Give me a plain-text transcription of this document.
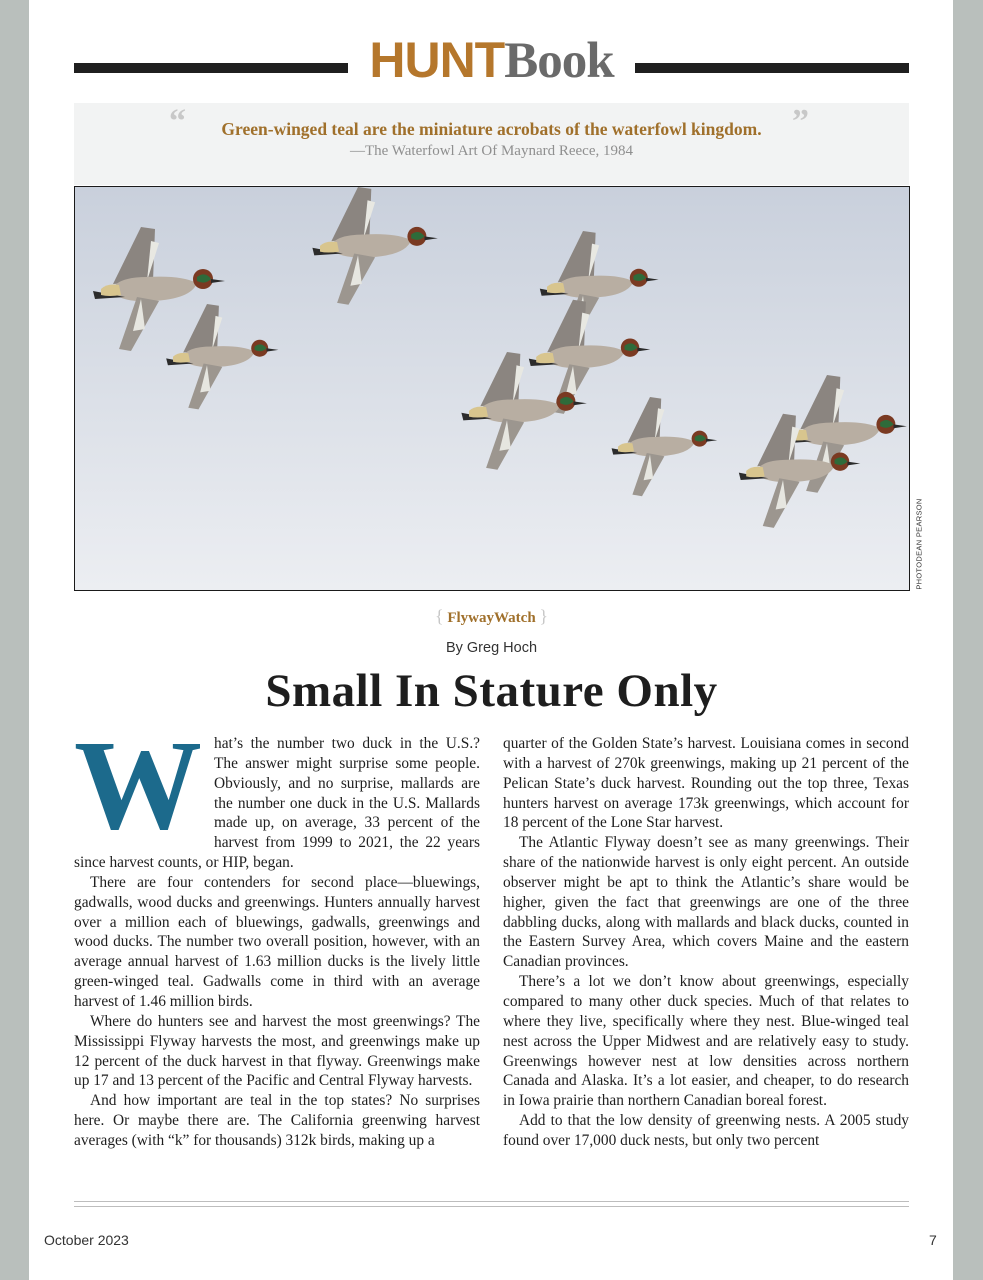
HUNTBook
“	Green-winged teal are the miniature acrobats of the waterfowl kingdom. ”
—The Waterfowl Art Of Maynard Reece, 1984
PHOTODEAN PEARSON
{ FlywayWatch }
By Greg Hoch
Small In Stature Only

What’s the number two duck in the U.S.? The answer might surprise some people. Obviously, and no surprise, mallards are the number one duck in the U.S. Mallards made up, on average, 33 percent of the harvest from 1999 to 2021, the 22 years since harvest counts, or HIP, began.

There are four contenders for second place—bluewings, gadwalls, wood ducks and greenwings. Hunters annually harvest over a million each of bluewings, gadwalls, greenwings and wood ducks. The number two overall position, however, with an average annual harvest of 1.63 million ducks is the lively little green-winged teal. Gadwalls come in third with an average harvest of 1.46 million birds.

Where do hunters see and harvest the most greenwings? The Mississippi Flyway harvests the most, and greenwings make up 12 percent of the duck harvest in that flyway. Greenwings make up 17 and 13 percent of the Pacific and Central Flyway harvests.

And how important are teal in the top states? No surprises here. Or maybe there are. The California greenwing harvest averages (with “k” for thousands) 312k birds, making up a

quarter of the Golden State’s harvest. Louisiana comes in second with a harvest of 270k greenwings, making up 21 percent of the Pelican State’s duck harvest. Rounding out the top three, Texas hunters harvest on average 173k greenwings, which account for 18 percent of the Lone Star harvest.

The Atlantic Flyway doesn’t see as many greenwings. Their share of the nationwide harvest is only eight percent. An outside observer might be apt to think the Atlantic’s share would be higher, given the fact that greenwings are one of the three dabbling ducks, along with mallards and black ducks, counted in the Eastern Survey Area, which covers Maine and the eastern Canadian provinces.

There’s a lot we don’t know about greenwings, especially compared to many other duck species. Much of that relates to where they live, specifically where they nest. Blue-winged teal nest across the Upper Midwest and are relatively easy to study. Greenwings however nest at low densities across northern Canada and Alaska. It’s a lot easier, and cheaper, to do research in Iowa prairie than northern Canadian boreal forest.

Add to that the low density of greenwing nests. A 2005 study found over 17,000 duck nests, but only two percent

October 2023	7
